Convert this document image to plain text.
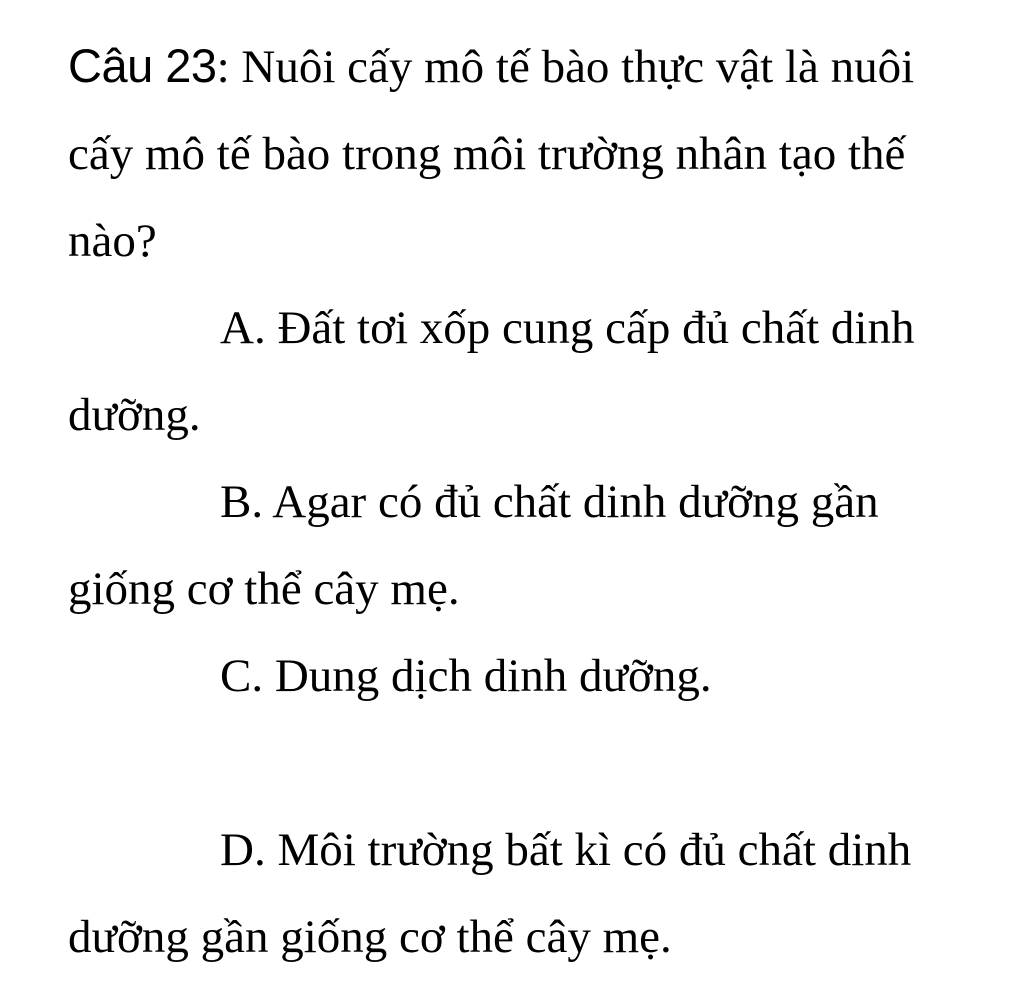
Câu 23: Nuôi cấy mô tế bào thực vật là nuôi cấy mô tế bào trong môi trường nhân tạo thế nào?

A. Đất tơi xốp cung cấp đủ chất dinh dưỡng.

B. Agar có đủ chất dinh dưỡng gần giống cơ thể cây mẹ.

C. Dung dịch dinh dưỡng.

D. Môi trường bất kì có đủ chất dinh dưỡng gần giống cơ thể cây mẹ.
